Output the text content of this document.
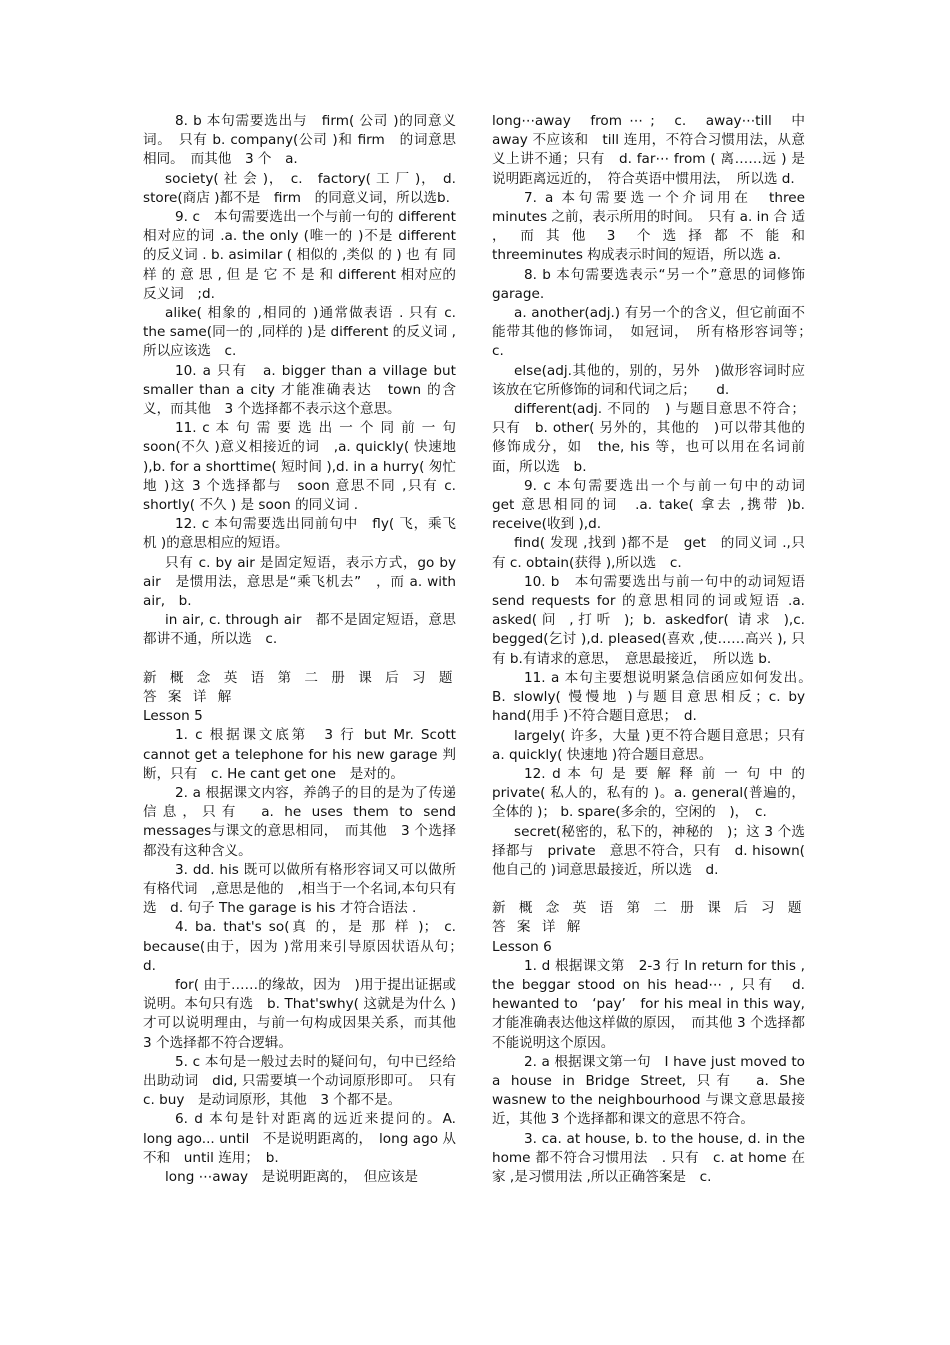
8. b 本句需要选出与　firm( 公司 )的同意义词。　只有 b. company(公司 )和 firm　的词意思相同。　而其他　3 个　a.

society( 社 会 )，　c.　factory( 工 厂 )，　d. store(商店 )都不是　firm　的同意义词，所以选b.

9. c　本句需要选出一个与前一句的 different 相对应的词 .a. the only (唯一的 )不是 different 的反义词 . b. asimilar ( 相似的 ,类似 的 ) 也 有 同 样 的 意 思 , 但 是 它 不 是 和 different 相对应的反义词　;d.

alike( 相象的 ,相同的 )通常做表语 . 只有 c. the same(同一的 ,同样的 )是 different 的反义词 ,所以应该选　c.

10. a 只有　a. bigger than a village but smaller than a city 才能准确表达　town 的含义，而其他　3 个选择都不表示这个意思。

11. c 本 句 需 要 选 出 一 个 同 前 一 句 soon(不久 )意义相接近的词　,a. quickly( 快速地 ),b. for a shorttime( 短时间 ),d. in a hurry( 匆忙地 )这 3 个选择都与　soon 意思不同 ,只有 c. shortly( 不久 ) 是 soon 的同义词 .

12. c 本句需要选出同前句中　fly( 飞，乘飞机 )的意思相应的短语。

只有 c. by air 是固定短语，表示方式，go by air　是惯用法，意思是“乘飞机去”　，而 a. with air,　b.

in air, c. through air　都不是固定短语，意思都讲不通，所以选　c.

新 概 念 英 语 第 二 册 课 后 习 题 答 案 详 解

Lesson 5

1. c 根据课文底第　3 行 but Mr. Scott cannot get a telephone for his new garage 判断，只有　c. He cant get one　是对的。

2. a 根据课文内容，养鸽子的目的是为了传递信息，只有　a. he uses them to send messages与课文的意思相同，　而其他　3 个选择都没有这种含义。

3. dd. his 既可以做所有格形容词又可以做所有格代词　,意思是他的　,相当于一个名词,本句只有选　d. 句子 The garage is his 才符合语法 .

4. ba. that's so(真 的，是 那 样 )； c. because(由于，因为 )常用来引导原因状语从句；　d.

for( 由于……的缘故，因为　)用于提出证据或说明。本句只有选　b. That'swhy( 这就是为什么 )才可以说明理由，与前一句构成因果关系，而其他　3 个选择都不符合逻辑。

5. c 本句是一般过去时的疑问句，句中已经给出助动词　did, 只需要填一个动词原形即可。　只有 c. buy　是动词原形，其他　3 个都不是。

6. d 本句是针对距离的远近来提问的。A. long ago... until　不是说明距离的，　long ago 从不和　until 连用；　b.

long ⋯away　是说明距离的，　但应该是

long⋯away　from ⋯ ;　c.　away⋯till　中　away 不应该和　till 连用，不符合习惯用法，从意义上讲不通；只有　d. far⋯ from ( 离……远 ) 是说明距离远近的，　符合英语中惯用法，　所以选 d.

7. a 本句需要选一个介词用在　three minutes 之前，表示所用的时间。　只有 a. in 合 适 ，　而 其 他　3　个 选 择 都 不 能 和 threeminutes 构成表示时间的短语，所以选 a.

8. b 本句需要选表示“另一个”意思的词修饰　garage.

a. another(adj.) 有另一个的含义，但它前面不能带其他的修饰词，　如冠词，　所有格形容词等；　c.

else(adj.其他的，别的，另外　)做形容词时应该放在它所修饰的词和代词之后；　　d.

different(adj. 不同的　) 与题目意思不符合；只有　b. other( 另外的，其他的　)可以带其他的修饰成分，如　the, his 等，也可以用在名词前面，所以选　b.

9. c 本句需要选出一个与前一句中的动词　get 意思相同的词　.a. take( 拿去 ,携带 )b. receive(收到 ),d.

find( 发现 ,找到 )都不是　get　的同义词 .,只有 c. obtain(获得 ),所以选　c.

10. b　本句需要选出与前一句中的动词短语　send requests for 的意思相同的词或短语 .a. asked(问 ,打听 ); b. askedfor( 请求 ),c. begged(乞讨 ),d. pleased(喜欢 ,使……高兴 ), 只有 b.有请求的意思，　意思最接近，　所以选 b.

11. a 本句主要想说明紧急信函应如何发出。　B. slowly( 慢慢地 )与题目意思相反；c. by hand(用手 )不符合题目意思；　d.

largely( 许多，大量 )更不符合题目意思；只有　a. quickly( 快速地 )符合题目意思。

12. d 本 句 是 要 解 释 前 一 句 中 的 private( 私人的，私有的 )。a. general(普遍的，全体的 )； b. spare(多余的，空闲的　)，　c.

secret(秘密的，私下的，神秘的　)；这 3 个选择都与　private　意思不符合，只有　d. hisown( 他自己的 )词意思最接近，所以选　d.

新 概 念 英 语 第 二 册 课 后 习 题 答 案 详 解

Lesson 6

1. d 根据课文第　2-3 行 In return for this , the beggar stood on his head⋯ , 只有　d. hewanted to　‘pay’　for his meal in this way, 才能准确表达他这样做的原因，　而其他 3 个选择都不能说明这个原因。

2. a 根据课文第一句　I have just moved to a house in Bridge Street, 只有　a. She wasnew to the neighbourhood 与课文意思最接近，其他 3 个选择都和课文的意思不符合。

3. ca. at house, b. to the house, d. in the home 都不符合习惯用法　. 只有　c. at home 在家 ,是习惯用法 ,所以正确答案是　c.
